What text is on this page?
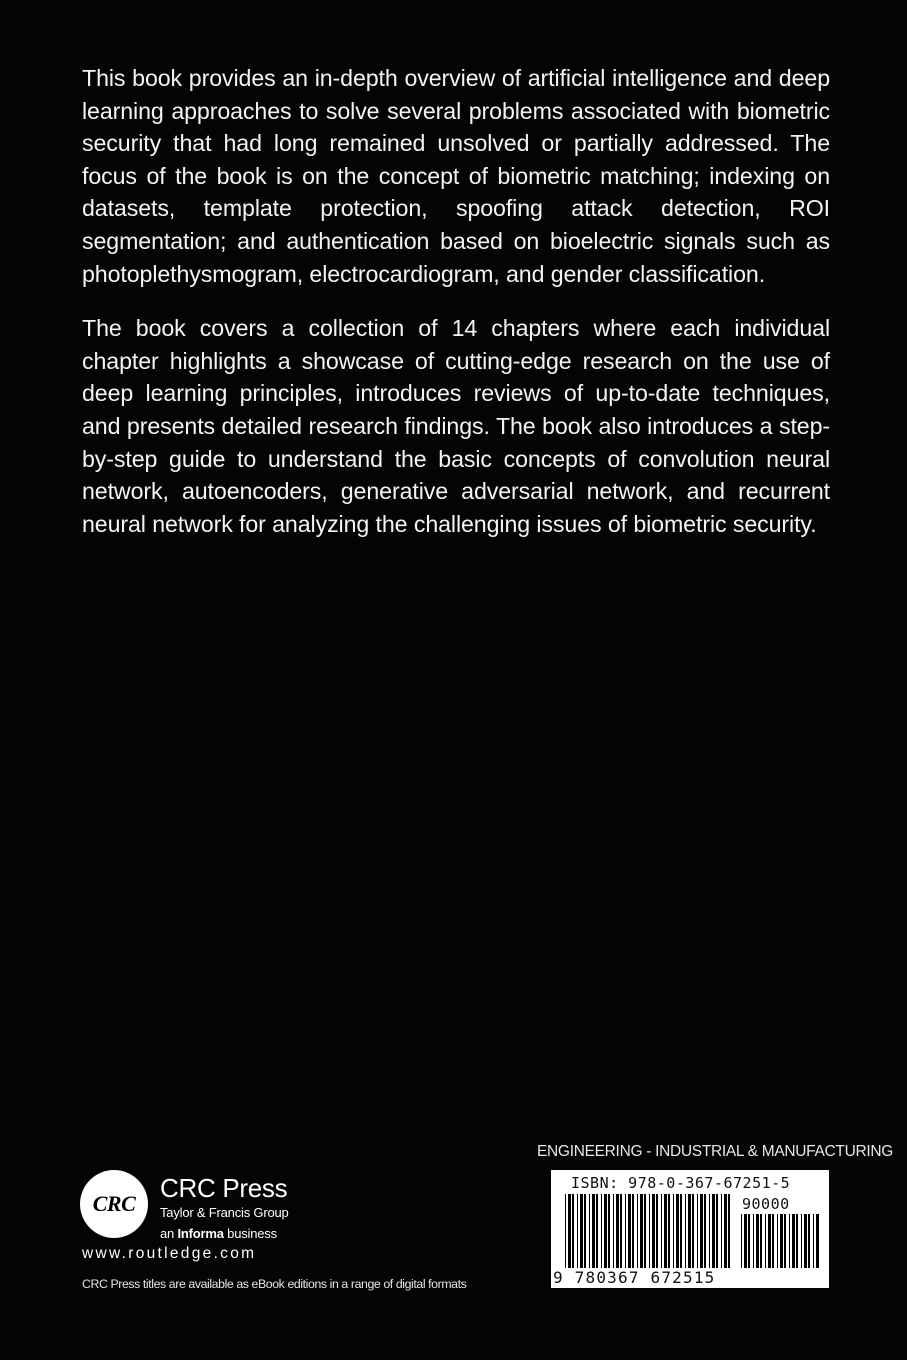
This book provides an in-depth overview of artificial intelligence and deep learning approaches to solve several problems associated with biometric security that had long remained unsolved or partially addressed. The focus of the book is on the concept of biometric matching; indexing on datasets, template protection, spoofing attack detection, ROI segmentation; and authentication based on bioelectric signals such as photoplethysmogram, electrocardiogram, and gender classification.

The book covers a collection of 14 chapters where each individual chapter highlights a showcase of cutting-edge research on the use of deep learning principles, introduces reviews of up-to-date techniques, and presents detailed research findings. The book also introduces a step-by-step guide to understand the basic concepts of convolution neural network, autoencoders, generative adversarial network, and recurrent neural network for analyzing the challenging issues of biometric security.

ENGINEERING - INDUSTRIAL & MANUFACTURING
ISBN: 978-0-367-67251-5
90000
9 780367 672515
CRC
CRC Press
Taylor & Francis Group
an Informa business
www.routledge.com
CRC Press titles are available as eBook editions in a range of digital formats
